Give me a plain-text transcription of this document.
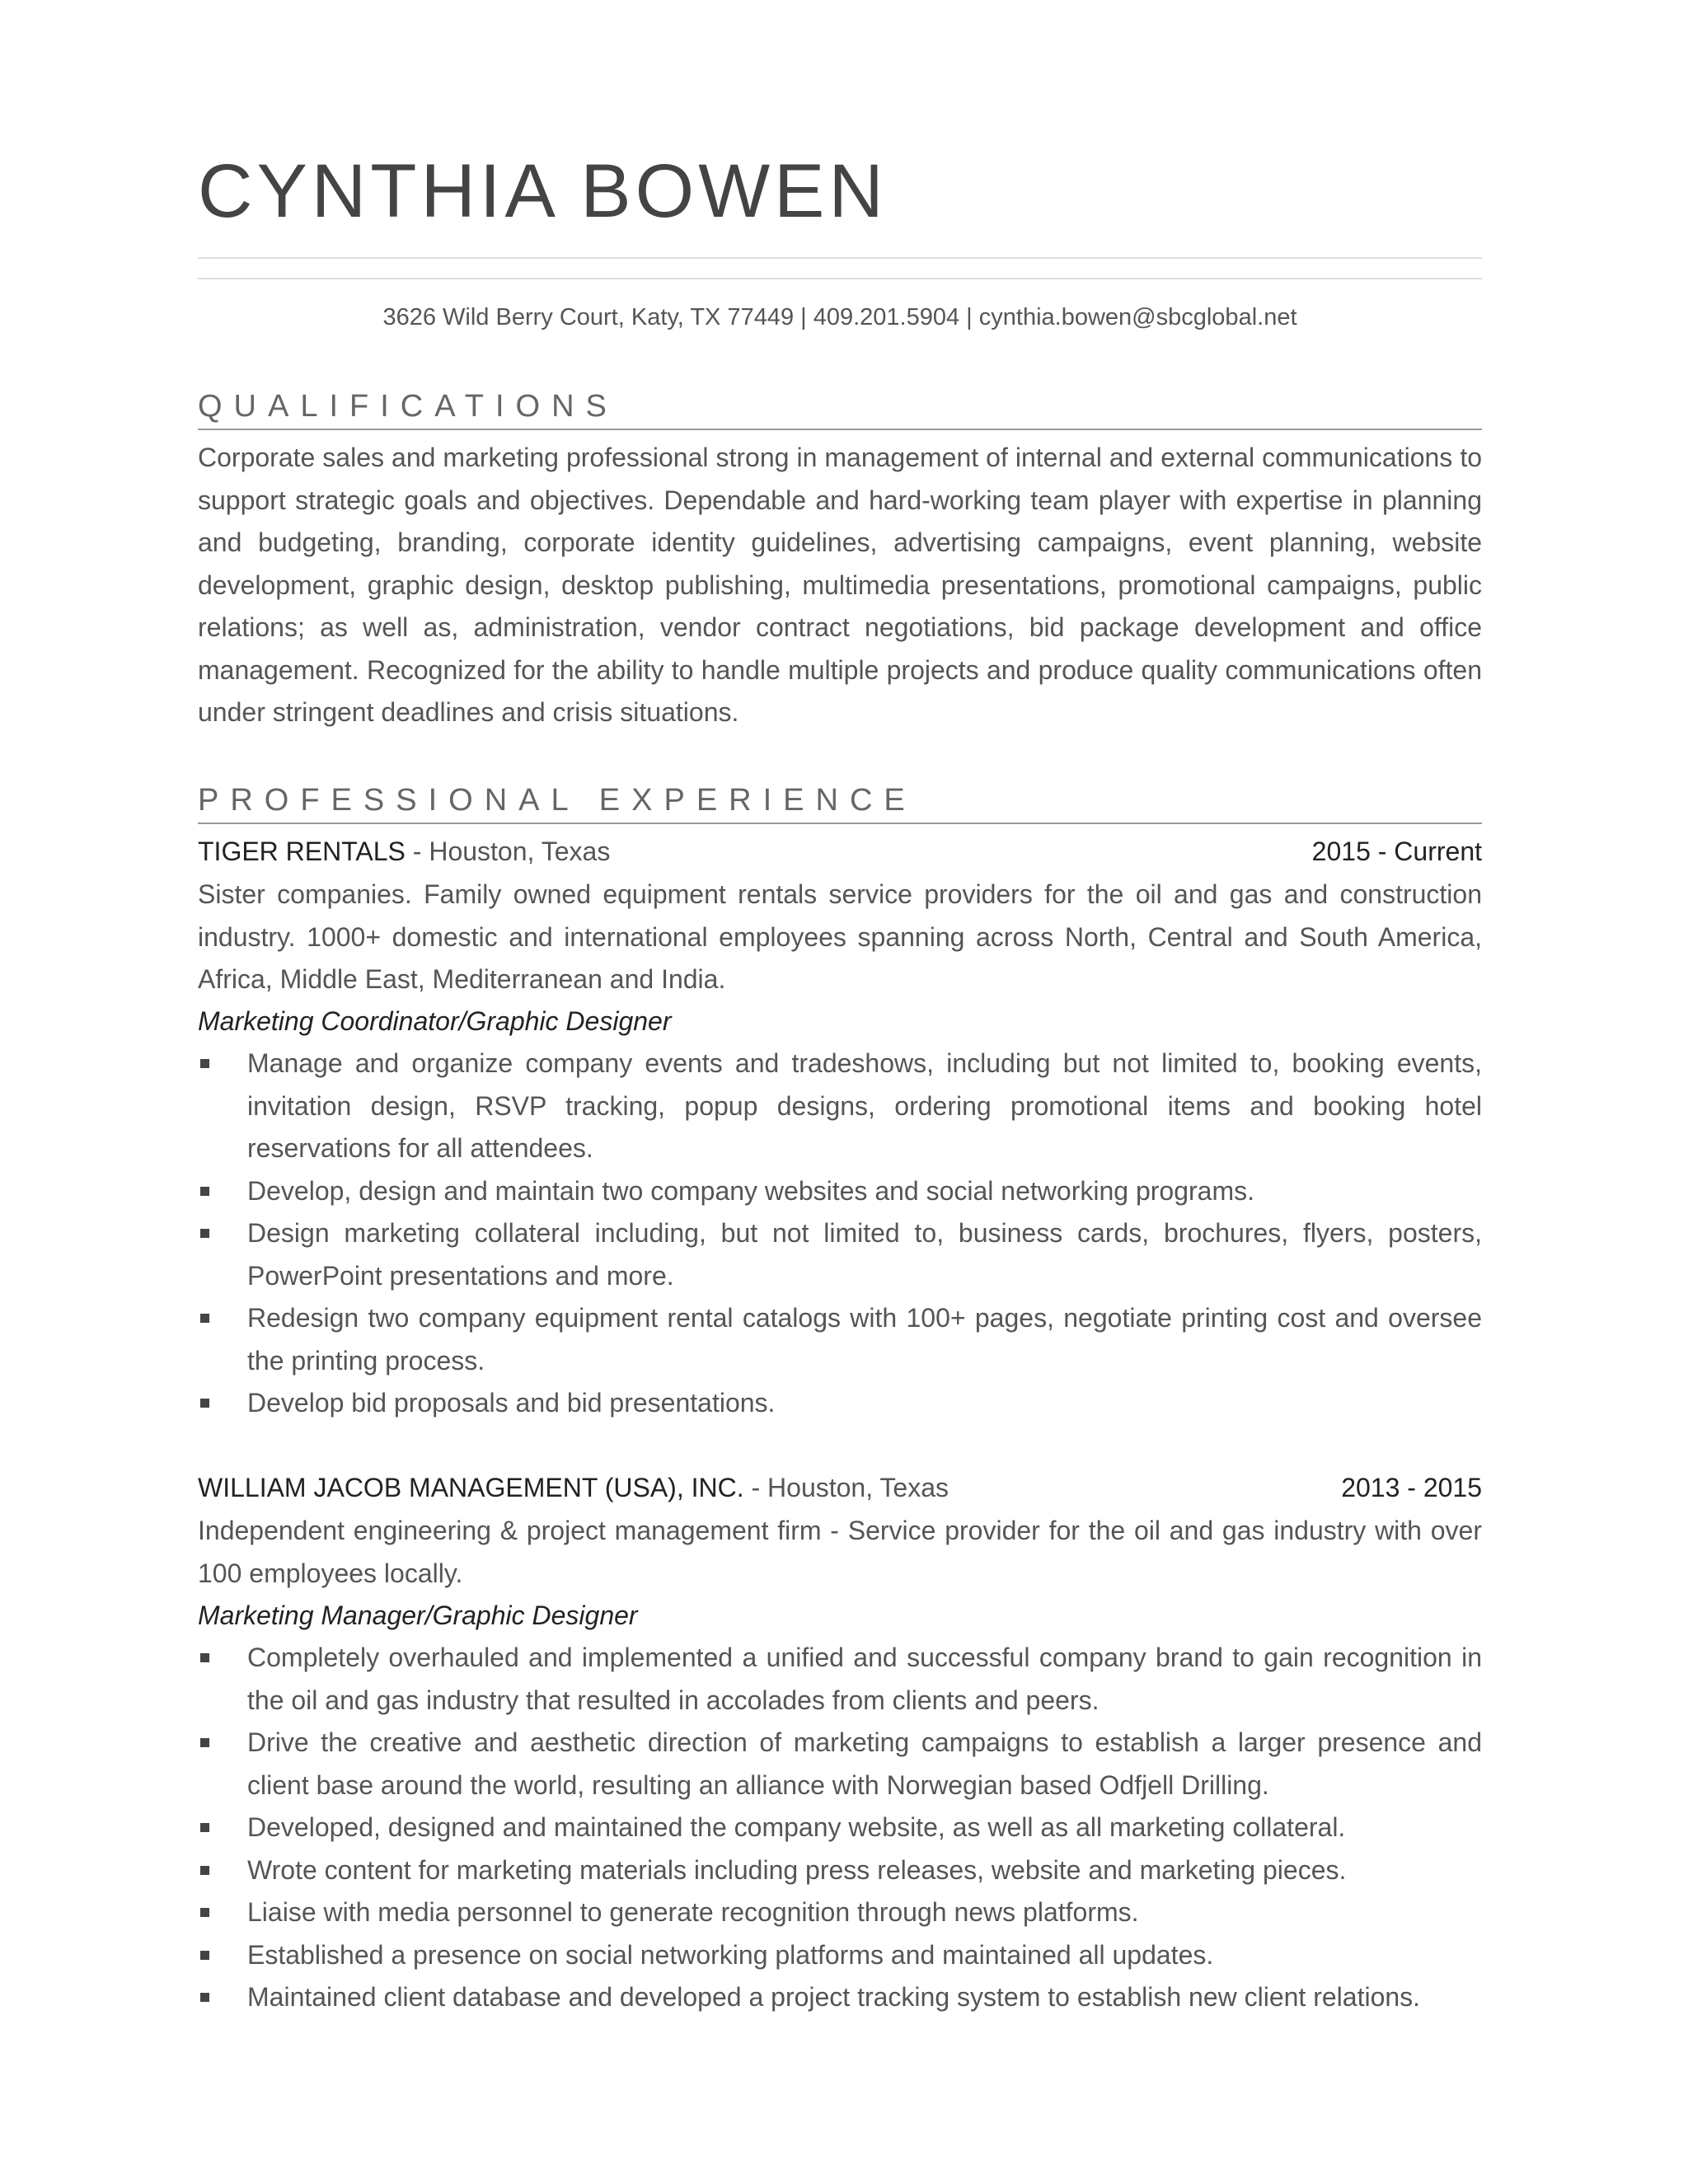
CYNTHIA BOWEN
3626 Wild Berry Court, Katy, TX 77449 | 409.201.5904 | cynthia.bowen@sbcglobal.net
QUALIFICATIONS
Corporate sales and marketing professional strong in management of internal and external communications to support strategic goals and objectives. Dependable and hard-working team player with expertise in planning and budgeting, branding, corporate identity guidelines, advertising campaigns, event planning, website development, graphic design, desktop publishing, multimedia presentations, promotional campaigns, public relations; as well as, administration, vendor contract negotiations, bid package development and office management. Recognized for the ability to handle multiple projects and produce quality communications often under stringent deadlines and crisis situations.
PROFESSIONAL EXPERIENCE
TIGER RENTALS - Houston, Texas	2015 - Current
Sister companies. Family owned equipment rentals service providers for the oil and gas and construction industry. 1000+ domestic and international employees spanning across North, Central and South America, Africa, Middle East, Mediterranean and India.
Marketing Coordinator/Graphic Designer
Manage and organize company events and tradeshows, including but not limited to, booking events, invitation design, RSVP tracking, popup designs, ordering promotional items and booking hotel reservations for all attendees.
Develop, design and maintain two company websites and social networking programs.
Design marketing collateral including, but not limited to, business cards, brochures, flyers, posters, PowerPoint presentations and more.
Redesign two company equipment rental catalogs with 100+ pages, negotiate printing cost and oversee the printing process.
Develop bid proposals and bid presentations.
WILLIAM JACOB MANAGEMENT (USA), INC. - Houston, Texas	2013 - 2015
Independent engineering & project management firm - Service provider for the oil and gas industry with over 100 employees locally.
Marketing Manager/Graphic Designer
Completely overhauled and implemented a unified and successful company brand to gain recognition in the oil and gas industry that resulted in accolades from clients and peers.
Drive the creative and aesthetic direction of marketing campaigns to establish a larger presence and client base around the world, resulting an alliance with Norwegian based Odfjell Drilling.
Developed, designed and maintained the company website, as well as all marketing collateral.
Wrote content for marketing materials including press releases, website and marketing pieces.
Liaise with media personnel to generate recognition through news platforms.
Established a presence on social networking platforms and maintained all updates.
Maintained client database and developed a project tracking system to establish new client relations.
